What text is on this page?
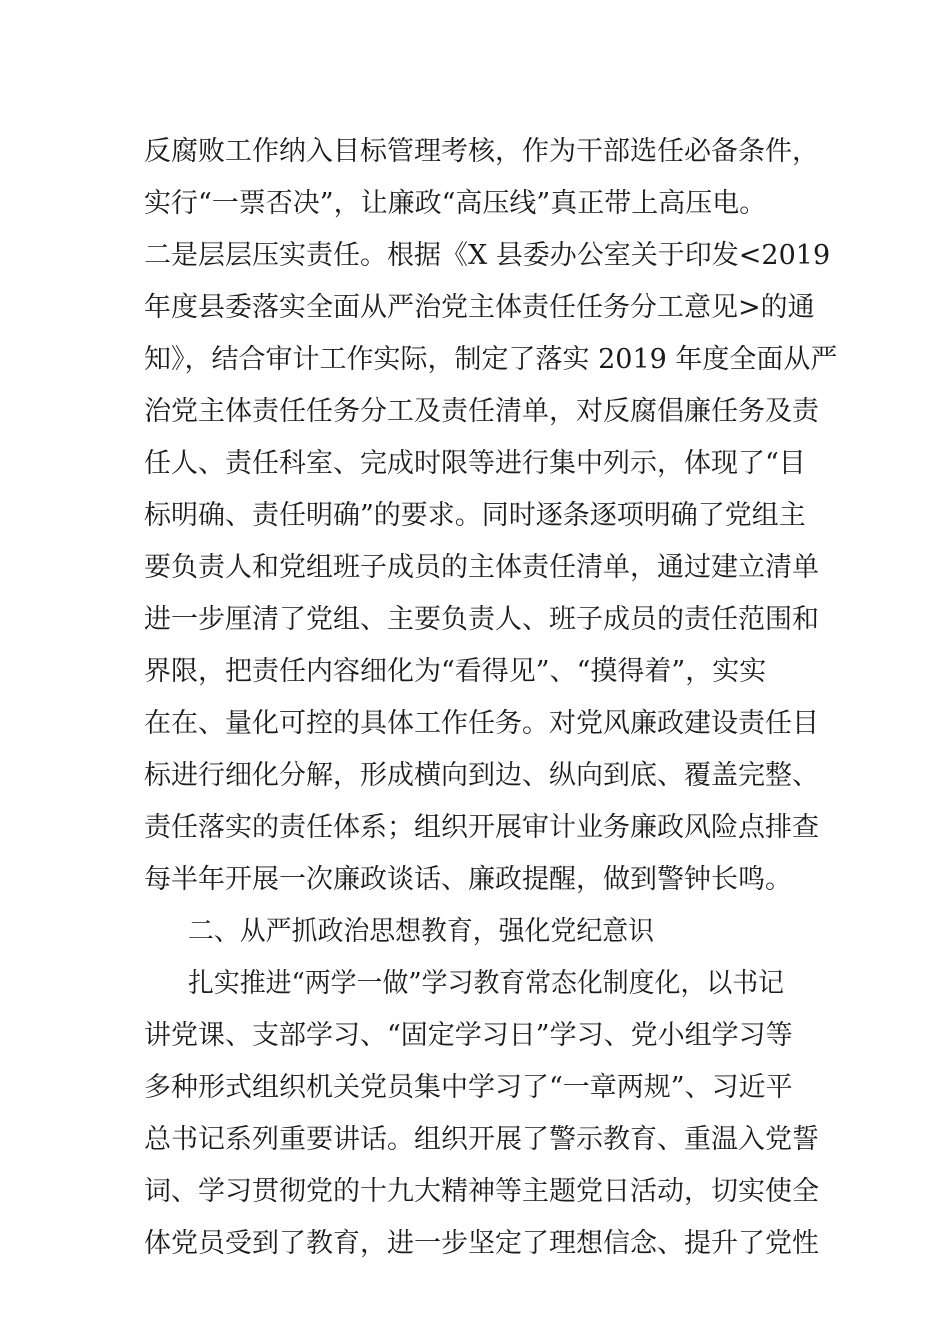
反腐败工作纳入目标管理考核，作为干部选任必备条件，
实行“一票否决”，让廉政“高压线”真正带上高压电。
二是层层压实责任。根据《X 县委办公室关于印发<2019
年度县委落实全面从严治党主体责任任务分工意见>的通
知》，结合审计工作实际，制定了落实 2019 年度全面从严
治党主体责任任务分工及责任清单，对反腐倡廉任务及责
任人、责任科室、完成时限等进行集中列示，体现了“目
标明确、责任明确”的要求。同时逐条逐项明确了党组主
要负责人和党组班子成员的主体责任清单，通过建立清单
进一步厘清了党组、主要负责人、班子成员的责任范围和
界限，把责任内容细化为“看得见”、“摸得着”，实实
在在、量化可控的具体工作任务。对党风廉政建设责任目
标进行细化分解，形成横向到边、纵向到底、覆盖完整、
责任落实的责任体系；组织开展审计业务廉政风险点排查
每半年开展一次廉政谈话、廉政提醒，做到警钟长鸣。
二、从严抓政治思想教育，强化党纪意识
扎实推进“两学一做”学习教育常态化制度化，以书记
讲党课、支部学习、“固定学习日”学习、党小组学习等
多种形式组织机关党员集中学习了“一章两规”、习近平
总书记系列重要讲话。组织开展了警示教育、重温入党誓
词、学习贯彻党的十九大精神等主题党日活动，切实使全
体党员受到了教育，进一步坚定了理想信念、提升了党性
